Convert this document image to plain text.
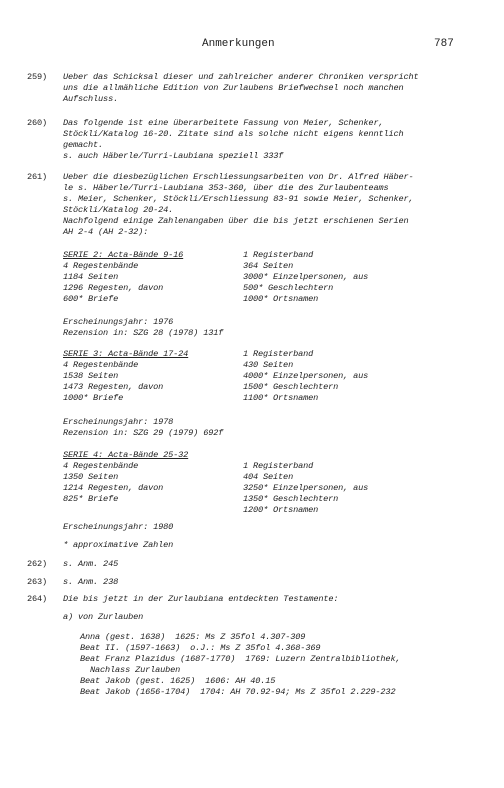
Anmerkungen	787
259) Ueber das Schicksal dieser und zahlreicher anderer Chroniken verspricht
uns die allmähliche Edition von Zurlaubens Briefwechsel noch manchen
Aufschluss.
260) Das folgende ist eine überarbeitete Fassung von Meier, Schenker,
Stöckli/Katalog 16-20. Zitate sind als solche nicht eigens kenntlich
gemacht.
s. auch Häberle/Turri-Laubiana speziell 333f
261) Ueber die diesbezüglichen Erschliessungsarbeiten von Dr. Alfred Häber-
le s. Häberle/Turri-Laubiana 353-360, über die des Zurlaubenteams
s. Meier, Schenker, Stöckli/Erschliessung 83-91 sowie Meier, Schenker,
Stöckli/Katalog 20-24.
Nachfolgend einige Zahlenangaben über die bis jetzt erschienen Serien
AH 2-4 (AH 2-32):
SERIE 2: Acta-Bände 9-16
4 Regestenbände
1184 Seiten
1296 Regesten, davon
600* Briefe
1 Registerband
364 Seiten
3000* Einzelpersonen, aus
500* Geschlechtern
1000* Ortsnamen
Erscheinungsjahr: 1976
Rezension in: SZG 28 (1978) 131f
SERIE 3: Acta-Bände 17-24
4 Regestenbände
1538 Seiten
1473 Regesten, davon
1000* Briefe
1 Registerband
430 Seiten
4000* Einzelpersonen, aus
1500* Geschlechtern
1100* Ortsnamen
Erscheinungsjahr: 1978
Rezension in: SZG 29 (1979) 692f
SERIE 4: Acta-Bände 25-32
4 Regestenbände
1350 Seiten
1214 Regesten, davon
825* Briefe
1 Registerband
404 Seiten
3250* Einzelpersonen, aus
1350* Geschlechtern
1200* Ortsnamen
Erscheinungsjahr: 1980
* approximative Zahlen
262) s. Anm. 245
263) s. Anm. 238
264) Die bis jetzt in der Zurlaubiana entdeckten Testamente:
a) von Zurlauben
Anna (gest. 1638)  1625: Ms Z 35fol 4.307-309
Beat II. (1597-1663)  o.J.: Ms Z 35fol 4.368-369
Beat Franz Plazidus (1687-1770)  1769: Luzern Zentralbibliothek,
Nachlass Zurlauben
Beat Jakob (gest. 1625)  1606: AH 40.15
Beat Jakob (1656-1704)  1704: AH 70.92-94; Ms Z 35fol 2.229-232
